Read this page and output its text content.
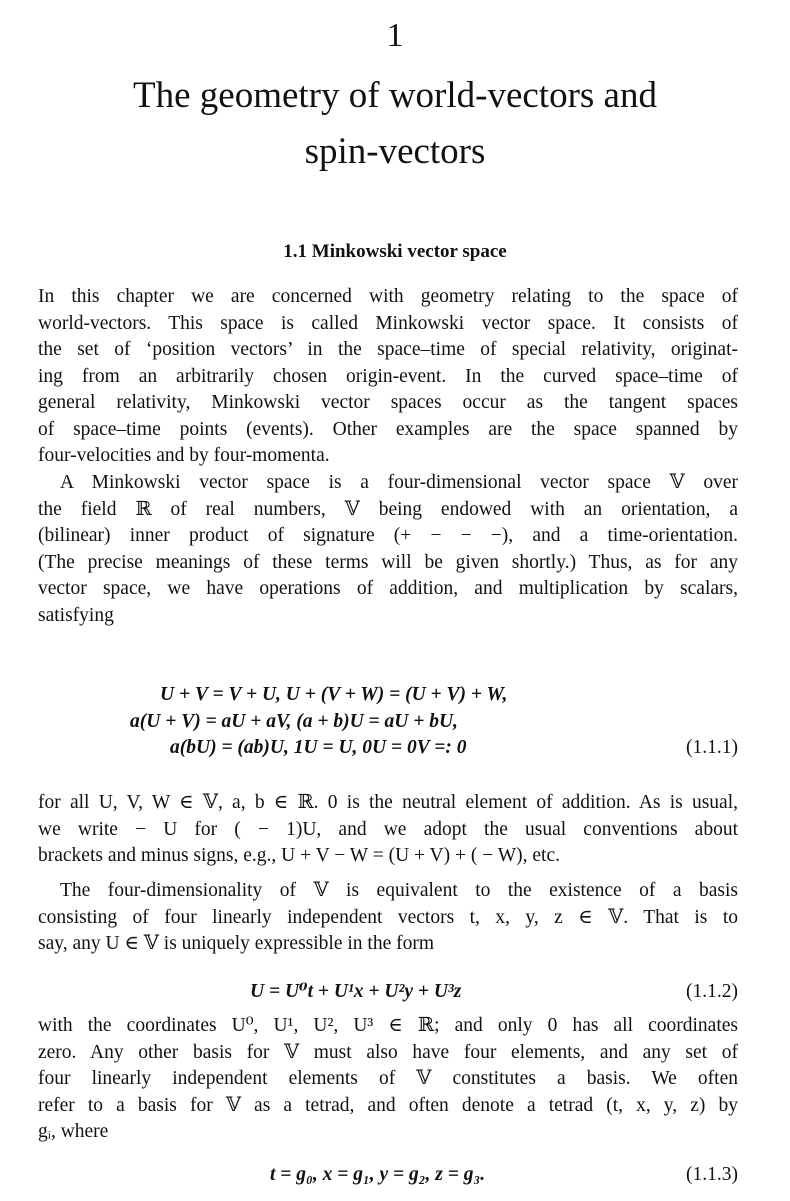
1
The geometry of world-vectors and
spin-vectors
1.1 Minkowski vector space
In this chapter we are concerned with geometry relating to the space of
world-vectors. This space is called Minkowski vector space. It consists of
the set of ‘position vectors’ in the space–time of special relativity, originat-
ing from an arbitrarily chosen origin-event. In the curved space–time of
general relativity, Minkowski vector spaces occur as the tangent spaces
of space–time points (events). Other examples are the space spanned by
four-velocities and by four-momenta.
A Minkowski vector space is a four-dimensional vector space 𝕍 over
the field ℝ of real numbers, 𝕍 being endowed with an orientation, a
(bilinear) inner product of signature (+ − − −), and a time-orientation.
(The precise meanings of these terms will be given shortly.) Thus, as for any
vector space, we have operations of addition, and multiplication by scalars,
satisfying
U + V = V + U, U + (V + W) = (U + V) + W,
a(U + V) = aU + aV, (a + b)U = aU + bU,
a(bU) = (ab)U, 1U = U, 0U = 0V =: 0	(1.1.1)
for all U, V, W ∈ 𝕍, a, b ∈ ℝ. 0 is the neutral element of addition. As is usual,
we write − U for ( − 1)U, and we adopt the usual conventions about
brackets and minus signs, e.g., U + V − W = (U + V) + ( − W), etc.
The four-dimensionality of 𝕍 is equivalent to the existence of a basis
consisting of four linearly independent vectors t, x, y, z ∈ 𝕍. That is to
say, any U ∈ 𝕍 is uniquely expressible in the form
U = U⁰t + U¹x + U²y + U³z	(1.1.2)
with the coordinates U⁰, U¹, U², U³ ∈ ℝ; and only 0 has all coordinates
zero. Any other basis for 𝕍 must also have four elements, and any set of
four linearly independent elements of 𝕍 constitutes a basis. We often
refer to a basis for 𝕍 as a tetrad, and often denote a tetrad (t, x, y, z) by
gᵢ, where
t = g₀, x = g₁, y = g₂, z = g₃.	(1.1.3)
